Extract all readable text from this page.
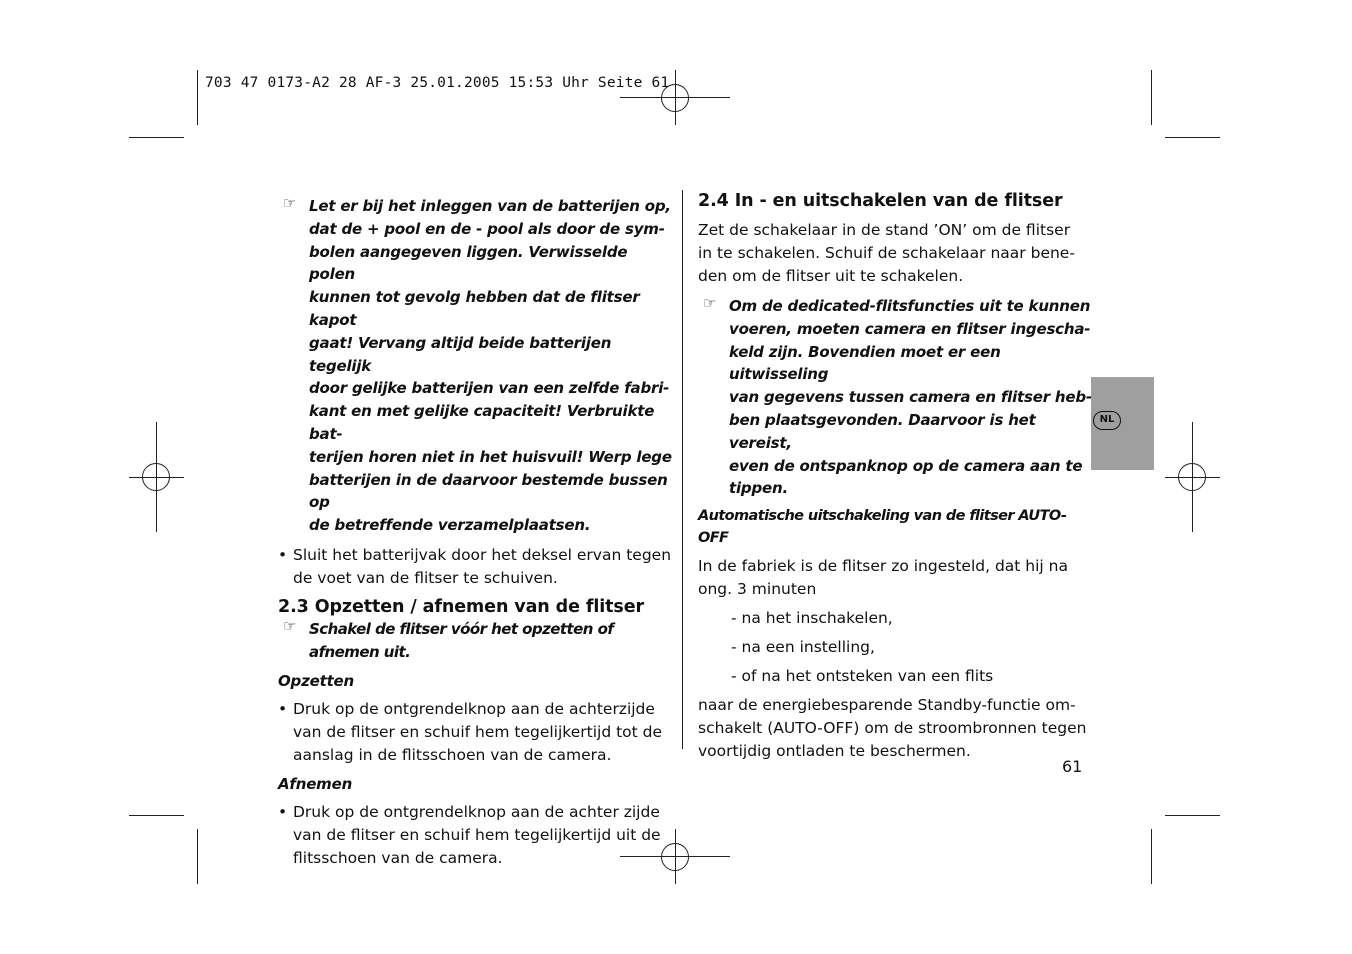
703 47 0173-A2 28 AF-3 25.01.2005 15:53 Uhr Seite 61
NL
☞ Let er bij het inleggen van de batterijen op,
dat de + pool en de - pool als door de sym-
bolen aangegeven liggen. Verwisselde polen
kunnen tot gevolg hebben dat de flitser kapot
gaat! Vervang altijd beide batterijen tegelijk
door gelijke batterijen van een zelfde fabri-
kant en met gelijke capaciteit! Verbruikte bat-
terijen horen niet in het huisvuil! Werp lege
batterijen in de daarvoor bestemde bussen op
de betreffende verzamelplaatsen.
• Sluit het batterijvak door het deksel ervan tegen
de voet van de flitser te schuiven.
2.3 Opzetten / afnemen van de flitser
☞ Schakel de flitser vóór het opzetten of afnemen uit.
Opzetten
• Druk op de ontgrendelknop aan de achterzijde
van de flitser en schuif hem tegelijkertijd tot de
aanslag in de flitsschoen van de camera.
Afnemen
• Druk op de ontgrendelknop aan de achter zijde
van de flitser en schuif hem tegelijkertijd uit de
flitsschoen van de camera.
2.4 In - en uitschakelen van de flitser
Zet de schakelaar in de stand ’ON’ om de flitser
in te schakelen. Schuif de schakelaar naar bene-
den om de flitser uit te schakelen.
☞ Om de dedicated-flitsfuncties uit te kunnen
voeren, moeten camera en flitser ingescha-
keld zijn. Bovendien moet er een uitwisseling
van gegevens tussen camera en flitser heb-
ben plaatsgevonden. Daarvoor is het vereist,
even de ontspanknop op de camera aan te
tippen.
Automatische uitschakeling van de flitser AUTO-OFF
In de fabriek is de flitser zo ingesteld, dat hij na
ong. 3 minuten
- na het inschakelen,
- na een instelling,
- of na het ontsteken van een flits
naar de energiebesparende Standby-functie om-
schakelt (AUTO-OFF) om de stroombronnen tegen
voortijdig ontladen te beschermen.
61
